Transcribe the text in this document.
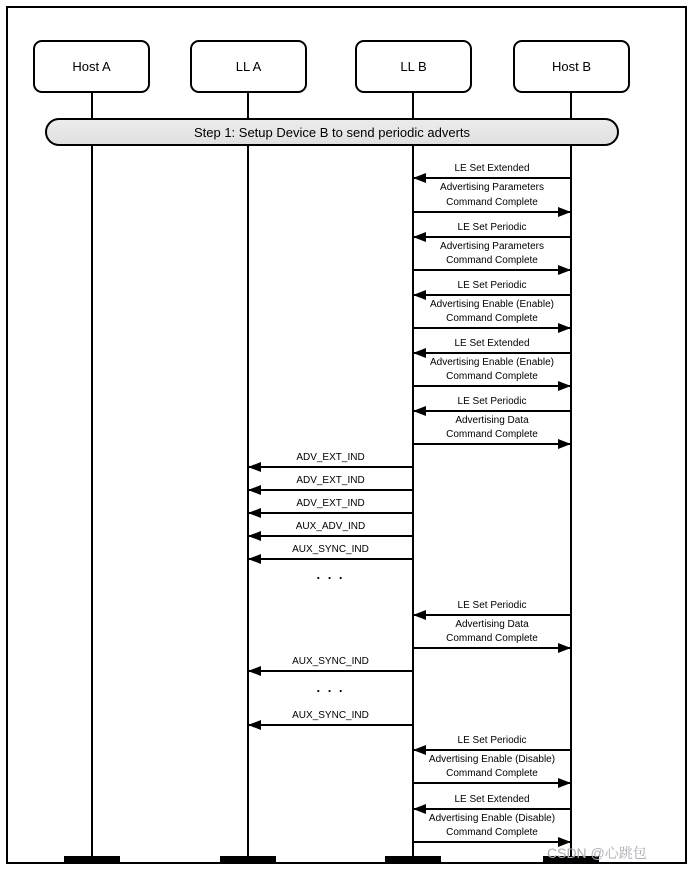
Host A	LL A	LL B	Host B
Step 1: Setup Device B to send periodic adverts
LE Set Extended
Advertising Parameters
Command Complete
LE Set Periodic
Advertising Parameters
Command Complete
LE Set Periodic
Advertising Enable (Enable)
Command Complete
LE Set Extended
Advertising Enable (Enable)
Command Complete
LE Set Periodic
Advertising Data
Command Complete
ADV_EXT_IND
ADV_EXT_IND
ADV_EXT_IND
AUX_ADV_IND
AUX_SYNC_IND
LE Set Periodic
Advertising Data
Command Complete
AUX_SYNC_IND
AUX_SYNC_IND
LE Set Periodic
Advertising Enable (Disable)
Command Complete
LE Set Extended
Advertising Enable (Disable)
Command Complete
. . .
. . .
CSDN @心跳包
